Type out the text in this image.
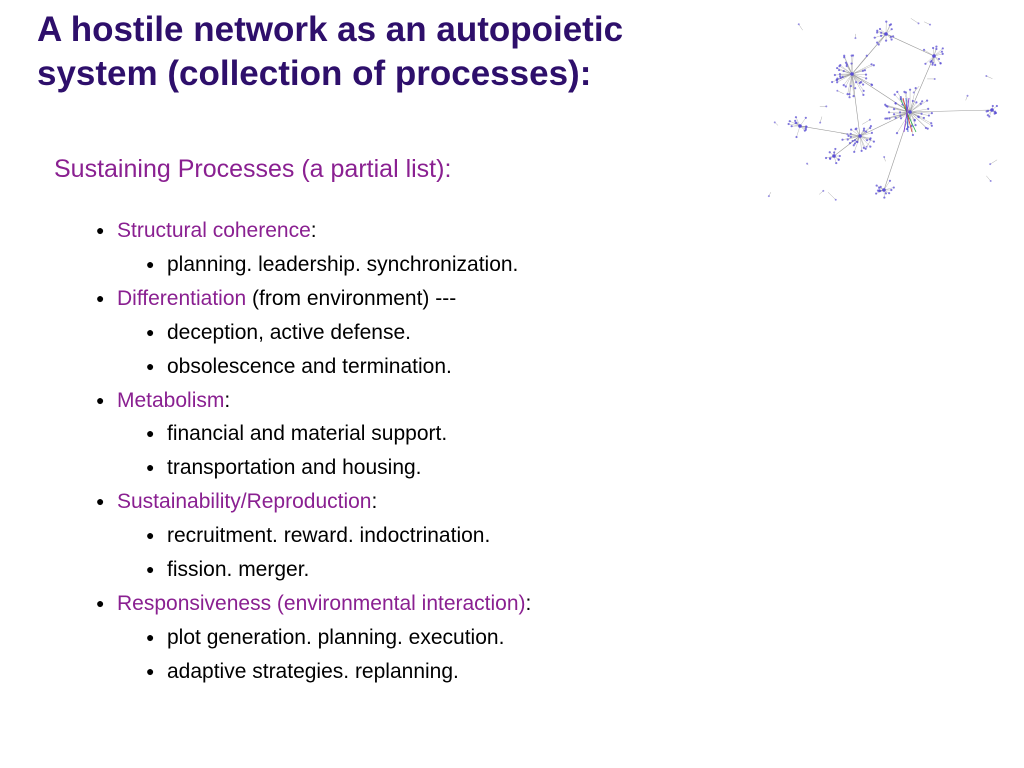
A hostile network as an autopoietic
system (collection of processes):
Sustaining Processes (a partial list):
● Structural coherence:
● planning. leadership. synchronization.
● Differentiation (from environment) ---
● deception, active defense.
● obsolescence and termination.
● Metabolism:
● financial and material support.
● transportation and housing.
● Sustainability/Reproduction:
● recruitment. reward. indoctrination.
● fission. merger.
● Responsiveness (environmental interaction):
● plot generation. planning. execution.
● adaptive strategies. replanning.
